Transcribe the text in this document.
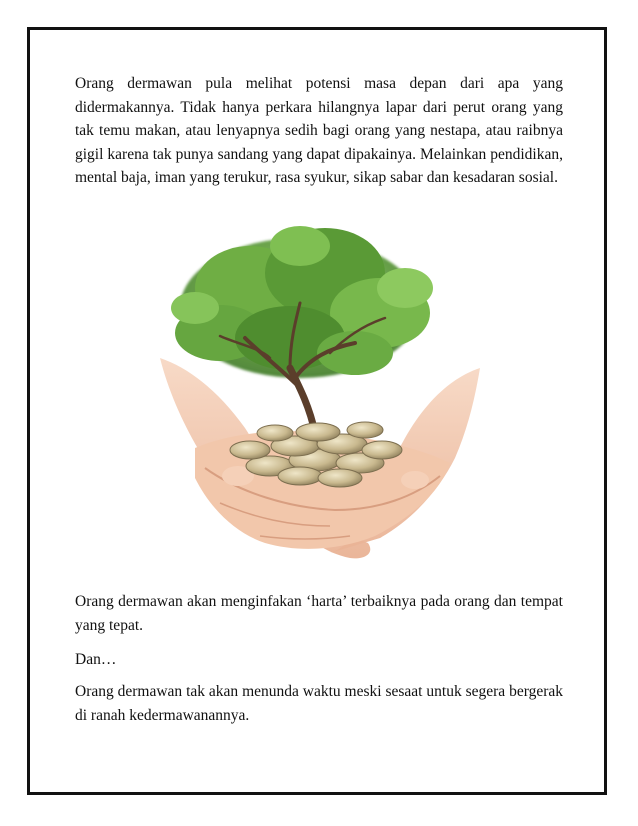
Orang dermawan pula melihat potensi masa depan dari apa yang didermakannya. Tidak hanya perkara hilangnya lapar dari perut orang yang tak temu makan, atau lenyapnya sedih bagi orang yang nestapa, atau raibnya gigil karena tak punya sandang yang dapat dipakainya. Melainkan pendidikan, mental baja, iman yang terukur, rasa syukur, sikap sabar dan kesadaran sosial.

Orang dermawan akan menginfakan ‘harta’ terbaiknya pada orang dan tempat yang tepat.

Dan…

Orang dermawan tak akan menunda waktu meski sesaat untuk segera bergerak di ranah kedermawanannya.
